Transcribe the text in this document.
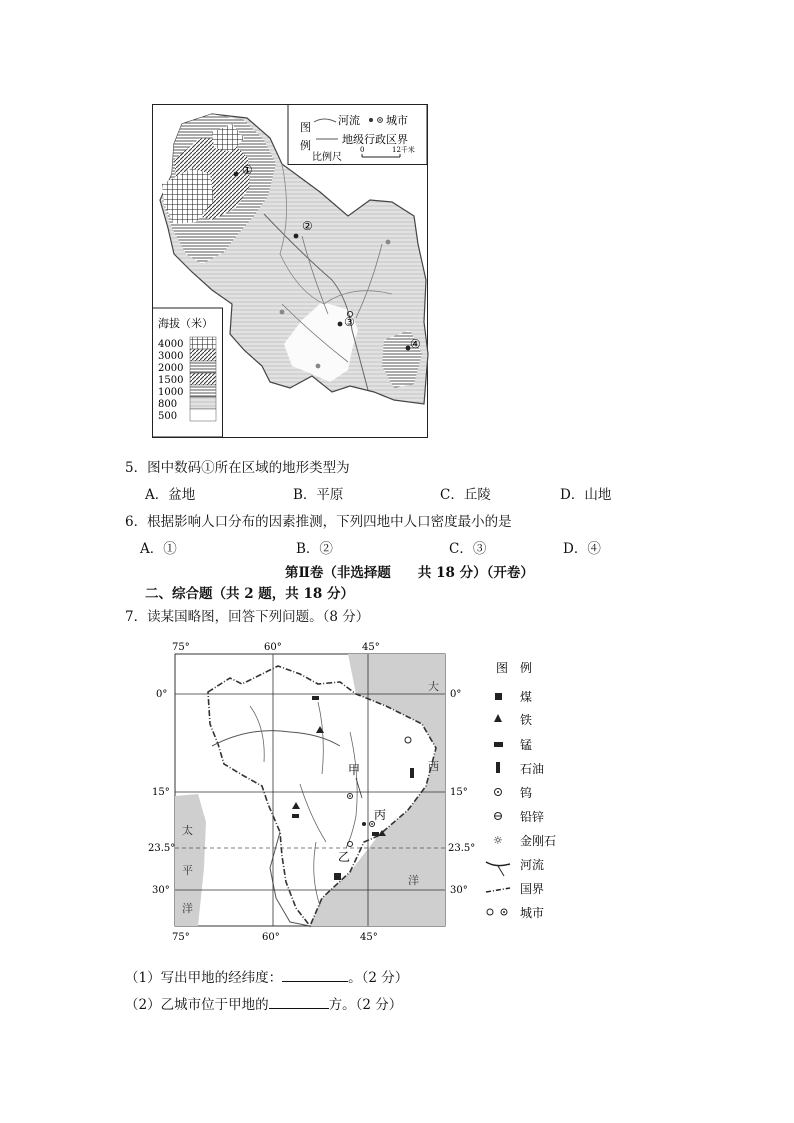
①
②
③
④
图
例
河流 城市
地级行政区界
比例尺
0	12千米
海拔（米）
4000
3000
2000
1500
1000
800
500
5．图中数码①所在区域的地形类型为
A．盆地	B．平原	C．丘陵	D．山地
6．根据影响人口分布的因素推测，下列四地中人口密度最小的是
A．①	B．②	C．③	D．④
第Ⅱ卷（非选择题　　共 18 分）（开卷）
二、综合题（共 2 题，共 18 分）
7．读某国略图，回答下列问题。（8 分）
75°	60°	45°
75°	60°	45°
0°
15°
23.5°
30°
0°
15°
23.5°
30°
大
西
洋
太
平
洋
甲
丙
乙
图　例
煤
铁
锰
石油
钨
铅锌
☼ 金刚石
河流
国界
城市
（1）写出甲地的经纬度：	。（2 分）
（2）乙城市位于甲地的	方。（2 分）
